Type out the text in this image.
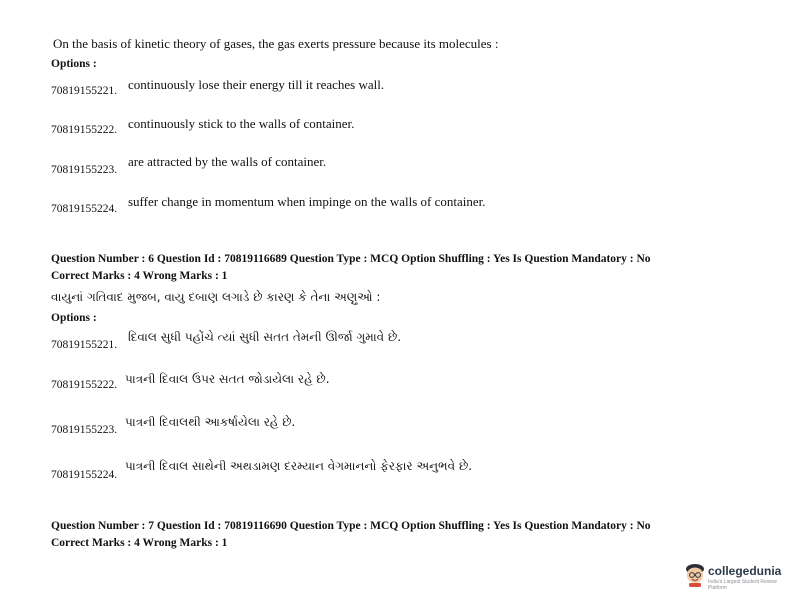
On the basis of kinetic theory of gases, the gas exerts pressure because its molecules :
Options :
70819155221. continuously lose their energy till it reaches wall.
70819155222. continuously stick to the walls of container.
70819155223.
are attracted by the walls of container.
70819155224. suffer change in momentum when impinge on the walls of container.
Question Number : 6 Question Id : 70819116689 Question Type : MCQ Option Shuffling : Yes Is Question Mandatory : No
Correct Marks : 4 Wrong Marks : 1
વાયુનાં ગતિવાદ મુજબ, વાયુ દબાણ લગાડે છે કારણ કે તેના અણુઓ :
Options :
70819155221.
દિવાલ સુધી પહોંચે ત્યાં સુધી સતત તેમની ઊર્જા ગુમાવે છે.
70819155222. પાત્રની દિવાલ ઉપર સતત જોડાયેલા રહે છે.
70819155223.
પાત્રની દિવાલથી આકર્ષાયેલા રહે છે.
70819155224.
પાત્રની દિવાલ સાથેની અથડામણ દરમ્યાન વેગમાનનો ફેરફાર અનુભવે છે.
Question Number : 7 Question Id : 70819116690 Question Type : MCQ Option Shuffling : Yes Is Question Mandatory : No
Correct Marks : 4 Wrong Marks : 1
collegedunia
India's Largest Student Review Platform
